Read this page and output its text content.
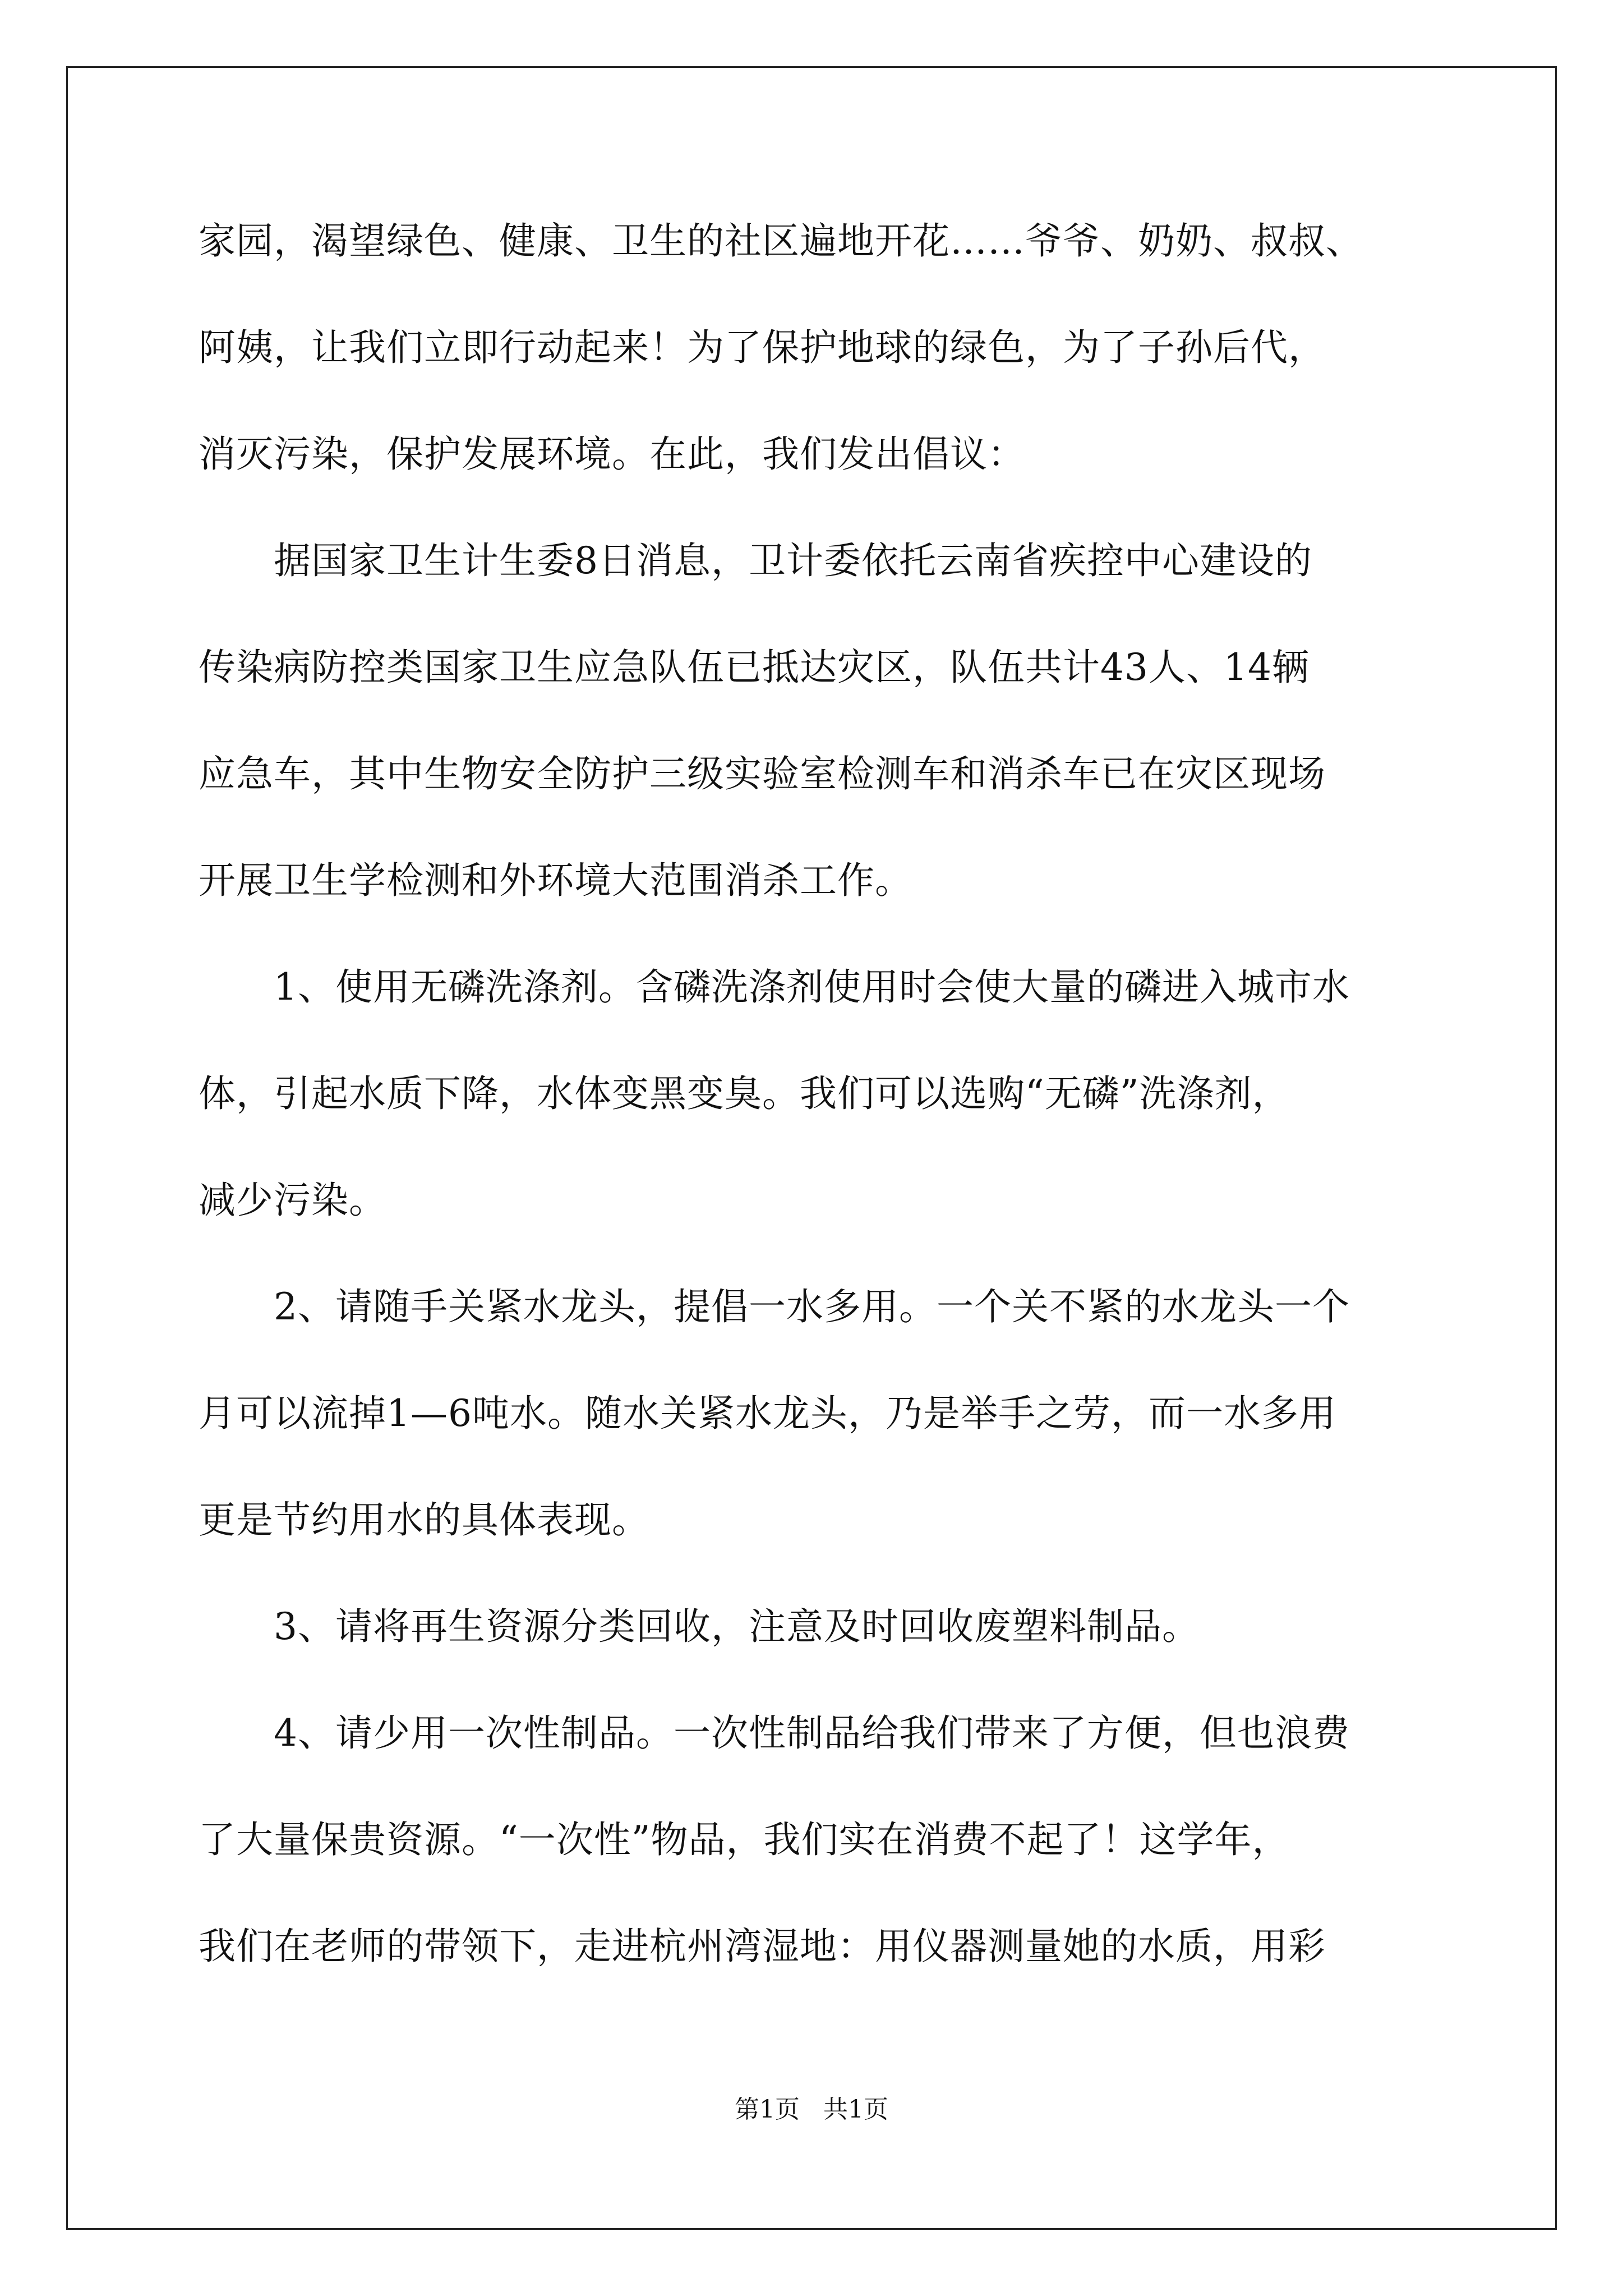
家园，渴望绿色、健康、卫生的社区遍地开花……爷爷、奶奶、叔叔、
阿姨，让我们立即行动起来！为了保护地球的绿色，为了子孙后代，
消灭污染，保护发展环境。在此，我们发出倡议：
　　据国家卫生计生委8日消息，卫计委依托云南省疾控中心建设的
传染病防控类国家卫生应急队伍已抵达灾区，队伍共计43人、14辆
应急车，其中生物安全防护三级实验室检测车和消杀车已在灾区现场
开展卫生学检测和外环境大范围消杀工作。
　　1、使用无磷洗涤剂。含磷洗涤剂使用时会使大量的磷进入城市水
体，引起水质下降，水体变黑变臭。我们可以选购“无磷”洗涤剂，
减少污染。
　　2、请随手关紧水龙头，提倡一水多用。一个关不紧的水龙头一个
月可以流掉1—6吨水。随水关紧水龙头，乃是举手之劳，而一水多用
更是节约用水的具体表现。
　　3、请将再生资源分类回收，注意及时回收废塑料制品。
　　4、请少用一次性制品。一次性制品给我们带来了方便，但也浪费
了大量保贵资源。“一次性”物品，我们实在消费不起了！这学年，
我们在老师的带领下，走进杭州湾湿地：用仪器测量她的水质，用彩
第1页 共1页
